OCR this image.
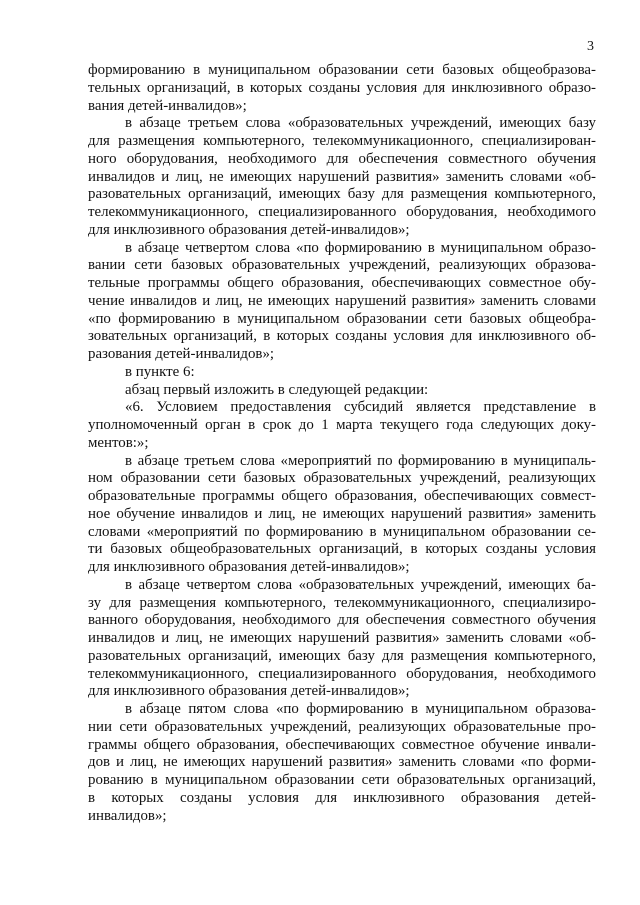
3

формированию в муниципальном образовании сети базовых общеобразова-
тельных организаций, в которых созданы условия для инклюзивного образо-
вания детей-инвалидов»;

в абзаце третьем слова «образовательных учреждений, имеющих базу
для размещения компьютерного, телекоммуникационного, специализирован-
ного оборудования, необходимого для обеспечения совместного обучения
инвалидов и лиц, не имеющих нарушений развития» заменить словами «об-
разовательных организаций, имеющих базу для размещения компьютерного,
телекоммуникационного, специализированного оборудования, необходимого
для инклюзивного образования детей-инвалидов»;

в абзаце четвертом слова «по формированию в муниципальном образо-
вании сети базовых образовательных учреждений, реализующих образова-
тельные программы общего образования, обеспечивающих совместное обу-
чение инвалидов и лиц, не имеющих нарушений развития» заменить словами
«по формированию в муниципальном образовании сети базовых общеобра-
зовательных организаций, в которых созданы условия для инклюзивного об-
разования детей-инвалидов»;

в пункте 6:

абзац первый изложить в следующей редакции:

«6. Условием предоставления субсидий является представление в
уполномоченный орган в срок до 1 марта текущего года следующих доку-
ментов:»;

в абзаце третьем слова «мероприятий по формированию в муниципаль-
ном образовании сети базовых образовательных учреждений, реализующих
образовательные программы общего образования, обеспечивающих совмест-
ное обучение инвалидов и лиц, не имеющих нарушений развития» заменить
словами «мероприятий по формированию в муниципальном образовании се-
ти базовых общеобразовательных организаций, в которых созданы условия
для инклюзивного образования детей-инвалидов»;

в абзаце четвертом слова «образовательных учреждений, имеющих ба-
зу для размещения компьютерного, телекоммуникационного, специализиро-
ванного оборудования, необходимого для обеспечения совместного обучения
инвалидов и лиц, не имеющих нарушений развития» заменить словами «об-
разовательных организаций, имеющих базу для размещения компьютерного,
телекоммуникационного, специализированного оборудования, необходимого
для инклюзивного образования детей-инвалидов»;

в абзаце пятом слова «по формированию в муниципальном образова-
нии сети образовательных учреждений, реализующих образовательные про-
граммы общего образования, обеспечивающих совместное обучение инвали-
дов и лиц, не имеющих нарушений развития» заменить словами «по форми-
рованию в муниципальном образовании сети образовательных организаций,
в которых созданы условия для инклюзивного образования детей-
инвалидов»;
